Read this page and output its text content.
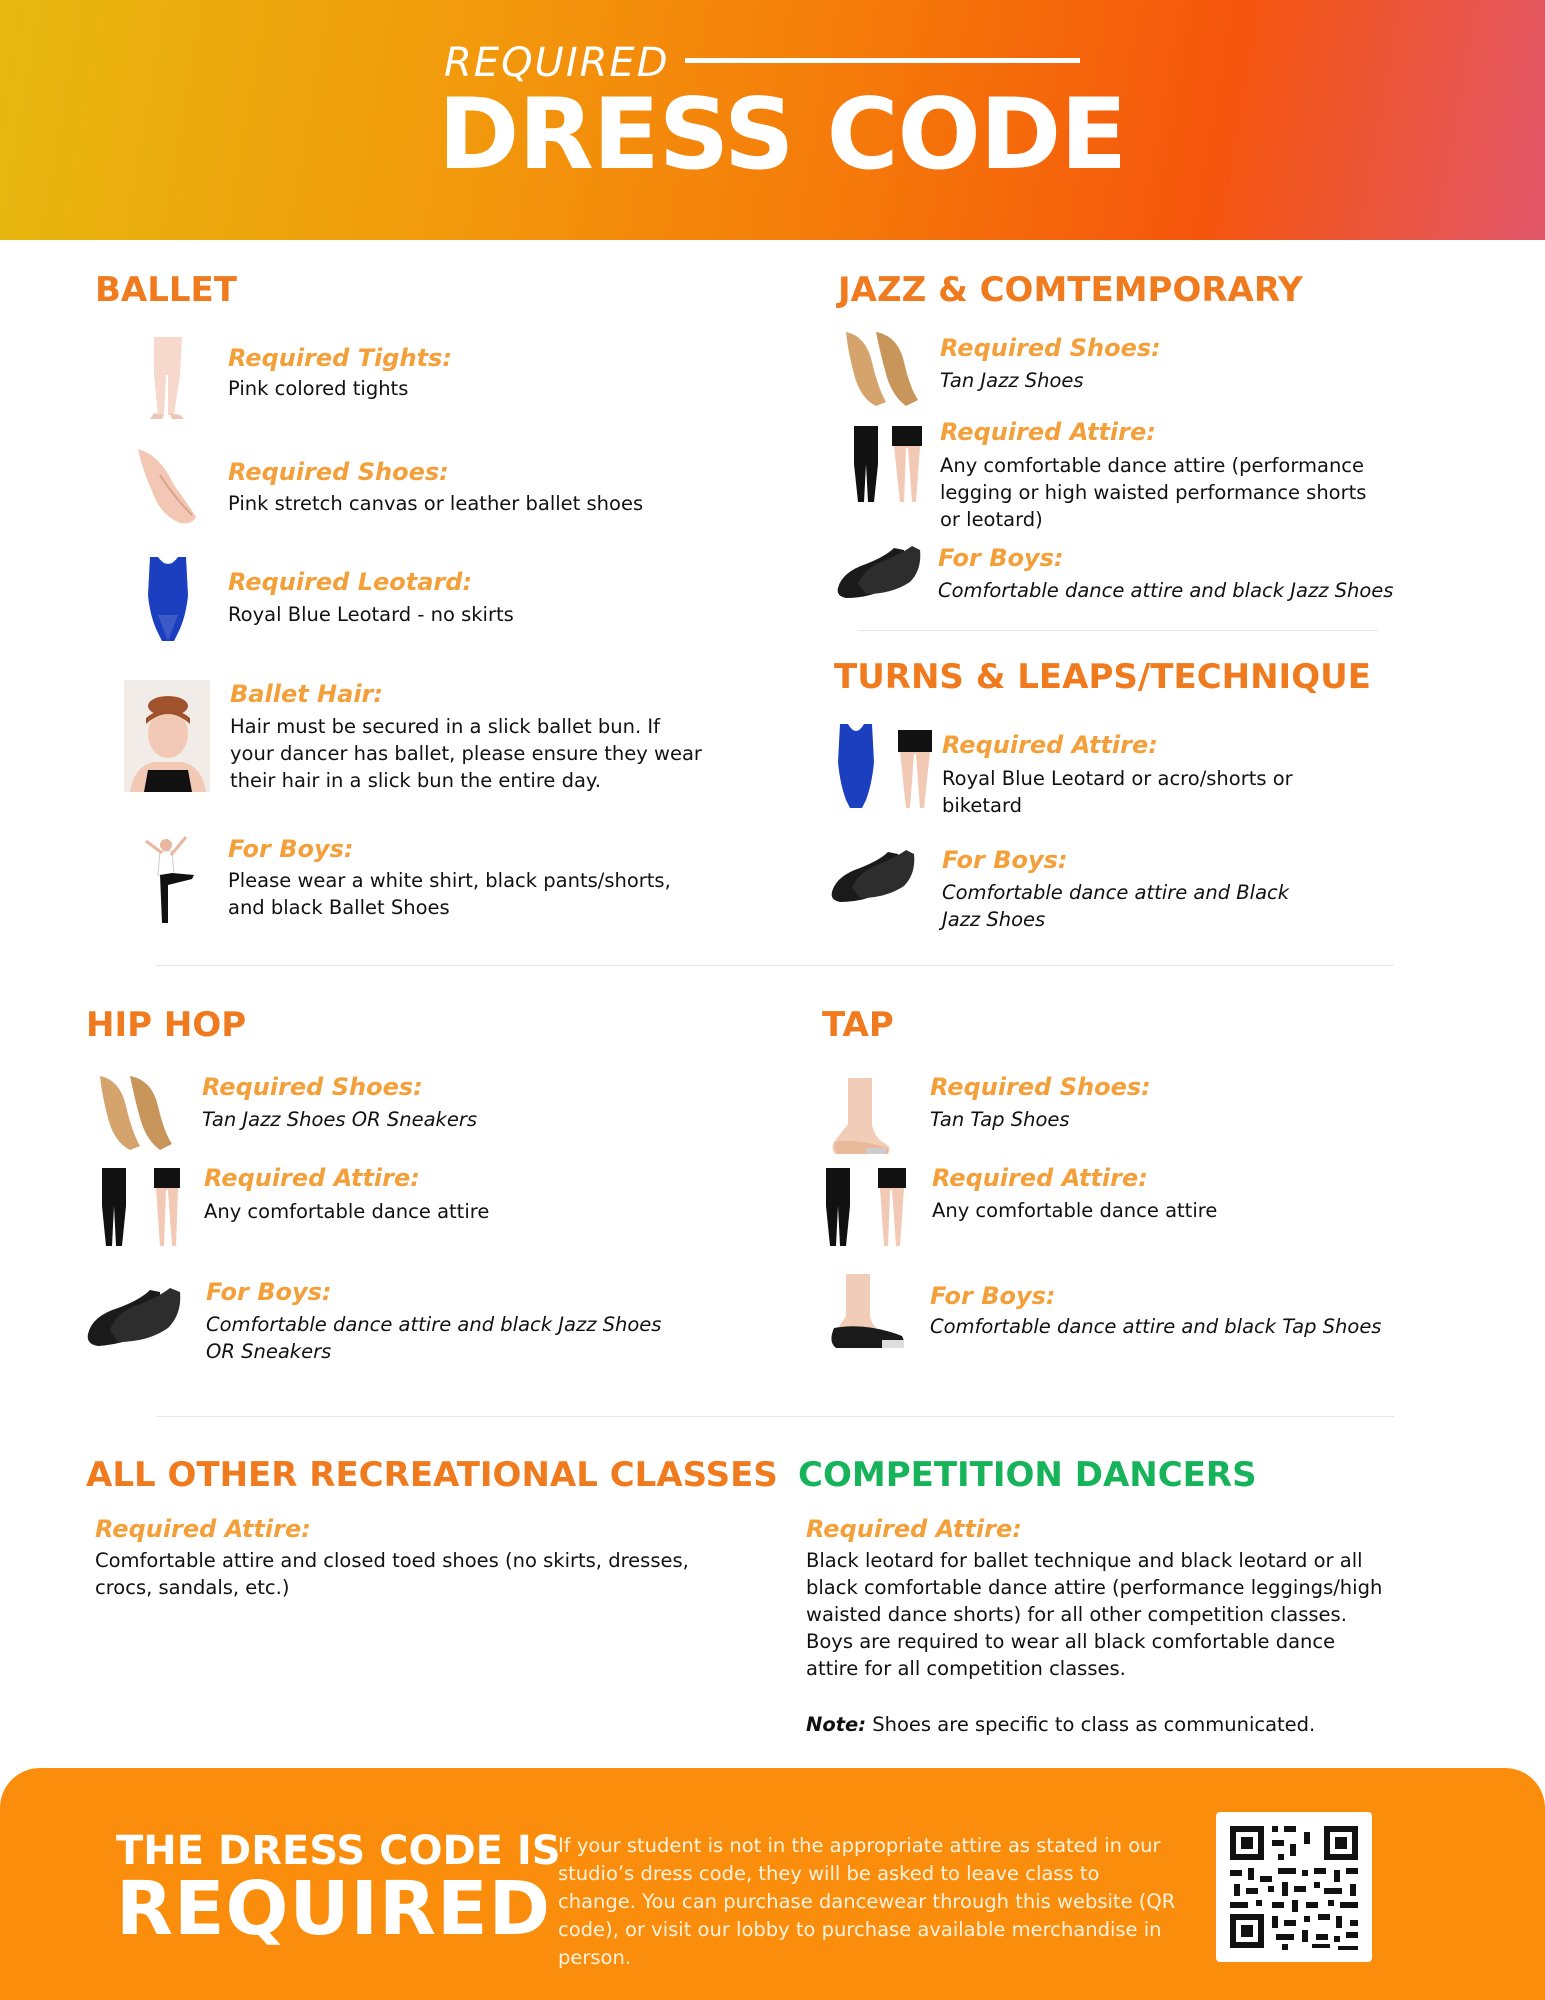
REQUIRED
DRESS CODE
BALLET
Required Tights:
Pink colored tights
Required Shoes:
Pink stretch canvas or leather ballet shoes
Required Leotard:
Royal Blue Leotard - no skirts
Ballet Hair:
Hair must be secured in a slick ballet bun. If your dancer has ballet, please ensure they wear their hair in a slick bun the entire day.
For Boys:
Please wear a white shirt, black pants/shorts, and black Ballet Shoes
JAZZ & COMTEMPORARY
Required Shoes:
Tan Jazz Shoes
Required Attire:
Any comfortable dance attire (performance legging or high waisted performance shorts or leotard)
For Boys:
Comfortable dance attire and black Jazz Shoes
TURNS & LEAPS/TECHNIQUE
Required Attire:
Royal Blue Leotard or acro/shorts or biketard
For Boys:
Comfortable dance attire and Black Jazz Shoes
HIP HOP
Required Shoes:
Tan Jazz Shoes OR Sneakers
Required Attire:
Any comfortable dance attire
For Boys:
Comfortable dance attire and black Jazz Shoes OR Sneakers
TAP
Required Shoes:
Tan Tap Shoes
Required Attire:
Any comfortable dance attire
For Boys:
Comfortable dance attire and black Tap Shoes
ALL OTHER RECREATIONAL CLASSES
Required Attire:
Comfortable attire and closed toed shoes (no skirts, dresses, crocs, sandals, etc.)
COMPETITION DANCERS
Required Attire:
Black leotard for ballet technique and black leotard or all black comfortable dance attire (performance leggings/high waisted dance shorts) for all other competition classes. Boys are required to wear all black comfortable dance attire for all competition classes.
Note: Shoes are specific to class as communicated.
THE DRESS CODE IS
REQUIRED
If your student is not in the appropriate attire as stated in our studio’s dress code, they will be asked to leave class to change. You can purchase dancewear through this website (QR code), or visit our lobby to purchase available merchandise in person.
